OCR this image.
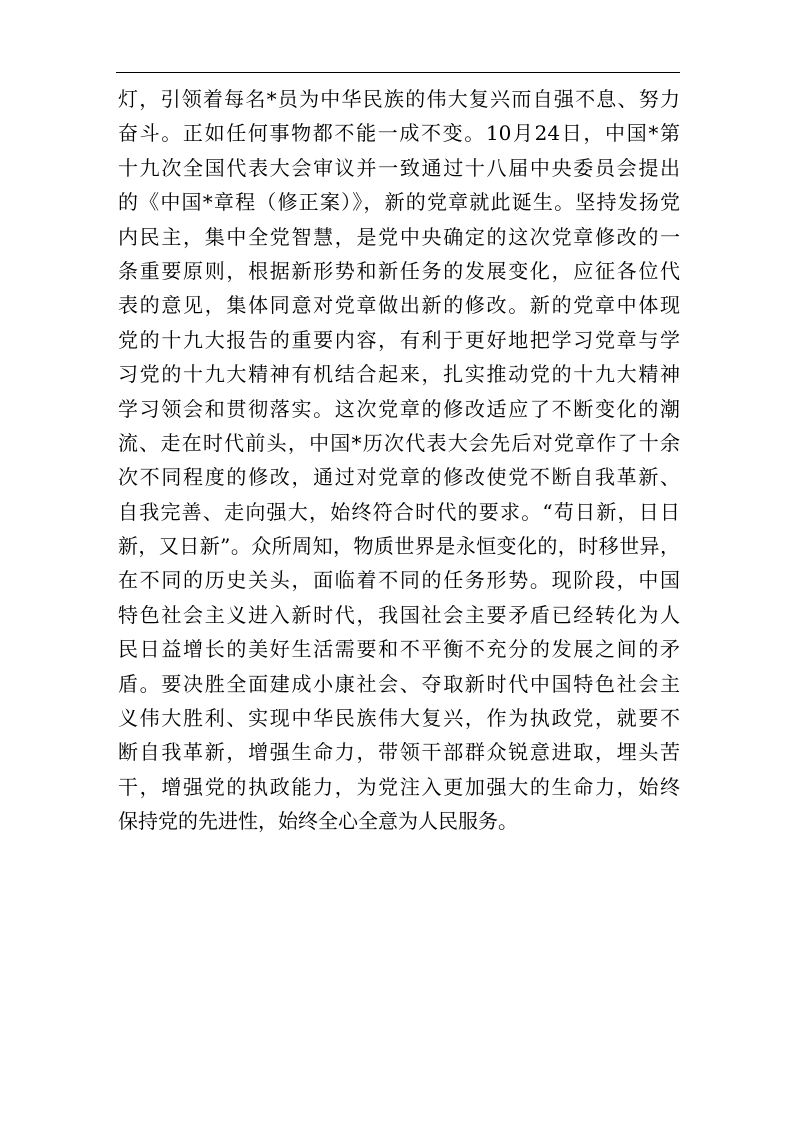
灯，引领着每名*员为中华民族的伟大复兴而自强不息、努力
奋斗。正如任何事物都不能一成不变。10月24日，中国*第
十九次全国代表大会审议并一致通过十八届中央委员会提出
的《中国*章程（修正案）》，新的党章就此诞生。坚持发扬党
内民主，集中全党智慧，是党中央确定的这次党章修改的一
条重要原则，根据新形势和新任务的发展变化，应征各位代
表的意见，集体同意对党章做出新的修改。新的党章中体现
党的十九大报告的重要内容，有利于更好地把学习党章与学
习党的十九大精神有机结合起来，扎实推动党的十九大精神
学习领会和贯彻落实。这次党章的修改适应了不断变化的潮
流、走在时代前头，中国*历次代表大会先后对党章作了十余
次不同程度的修改，通过对党章的修改使党不断自我革新、
自我完善、走向强大，始终符合时代的要求。“苟日新，日日
新，又日新”。众所周知，物质世界是永恒变化的，时移世异，
在不同的历史关头，面临着不同的任务形势。现阶段，中国
特色社会主义进入新时代，我国社会主要矛盾已经转化为人
民日益增长的美好生活需要和不平衡不充分的发展之间的矛
盾。要决胜全面建成小康社会、夺取新时代中国特色社会主
义伟大胜利、实现中华民族伟大复兴，作为执政党，就要不
断自我革新，增强生命力，带领干部群众锐意进取，埋头苦
干，增强党的执政能力，为党注入更加强大的生命力，始终
保持党的先进性，始终全心全意为人民服务。
